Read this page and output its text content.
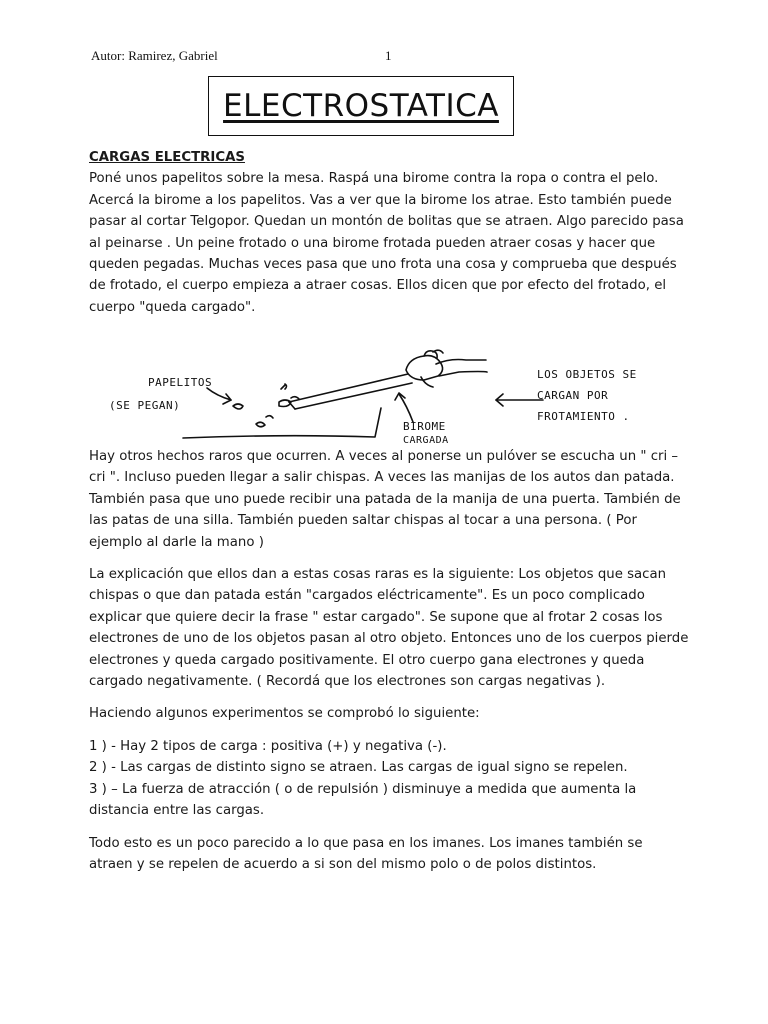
Autor: Ramirez, Gabriel	1
ELECTROSTATICA

CARGAS ELECTRICAS

Poné unos papelitos sobre la mesa. Raspá una birome contra la ropa o contra el pelo. Acercá la birome a los papelitos. Vas a ver que la birome los atrae. Esto también puede pasar al cortar Telgopor. Quedan un montón de bolitas que se atraen. Algo parecido pasa al peinarse . Un peine frotado o una birome frotada pueden atraer cosas y hacer que queden pegadas. Muchas veces pasa que uno frota una cosa y comprueba que después de frotado, el cuerpo empieza a atraer cosas. Ellos dicen que por efecto del frotado, el cuerpo "queda cargado".

PAPELITOS
(SE PEGAN)
BIROME
CARGADA
LOS OBJETOS SE
CARGAN POR
FROTAMIENTO .

Hay otros hechos raros que ocurren. A veces al ponerse un pulóver se escucha un " cri – cri ". Incluso pueden llegar a salir chispas. A veces las manijas de los autos dan patada. También pasa que uno puede recibir una patada de la manija de una puerta. También de las patas de una silla. También pueden saltar chispas al tocar a una persona. ( Por ejemplo al darle la mano )

La explicación que ellos dan a estas cosas raras es la siguiente: Los objetos que sacan chispas o que dan patada están "cargados eléctricamente". Es un poco complicado explicar que quiere decir la frase " estar cargado". Se supone que al frotar 2 cosas los electrones de uno de los objetos pasan al otro objeto. Entonces uno de los cuerpos pierde electrones y queda cargado positivamente. El otro cuerpo gana electrones y queda cargado negativamente. ( Recordá que los electrones son cargas negativas ).

Haciendo algunos experimentos se comprobó lo siguiente:

1 ) - Hay 2 tipos de carga : positiva (+) y negativa (-).

2 ) - Las cargas de distinto signo se atraen. Las cargas de igual signo se repelen.

3 ) – La fuerza de atracción ( o de repulsión ) disminuye a medida que aumenta la distancia entre las cargas.

Todo esto es un poco parecido a lo que pasa en los imanes. Los imanes también se atraen y se repelen de acuerdo a si son del mismo polo o de polos distintos.
